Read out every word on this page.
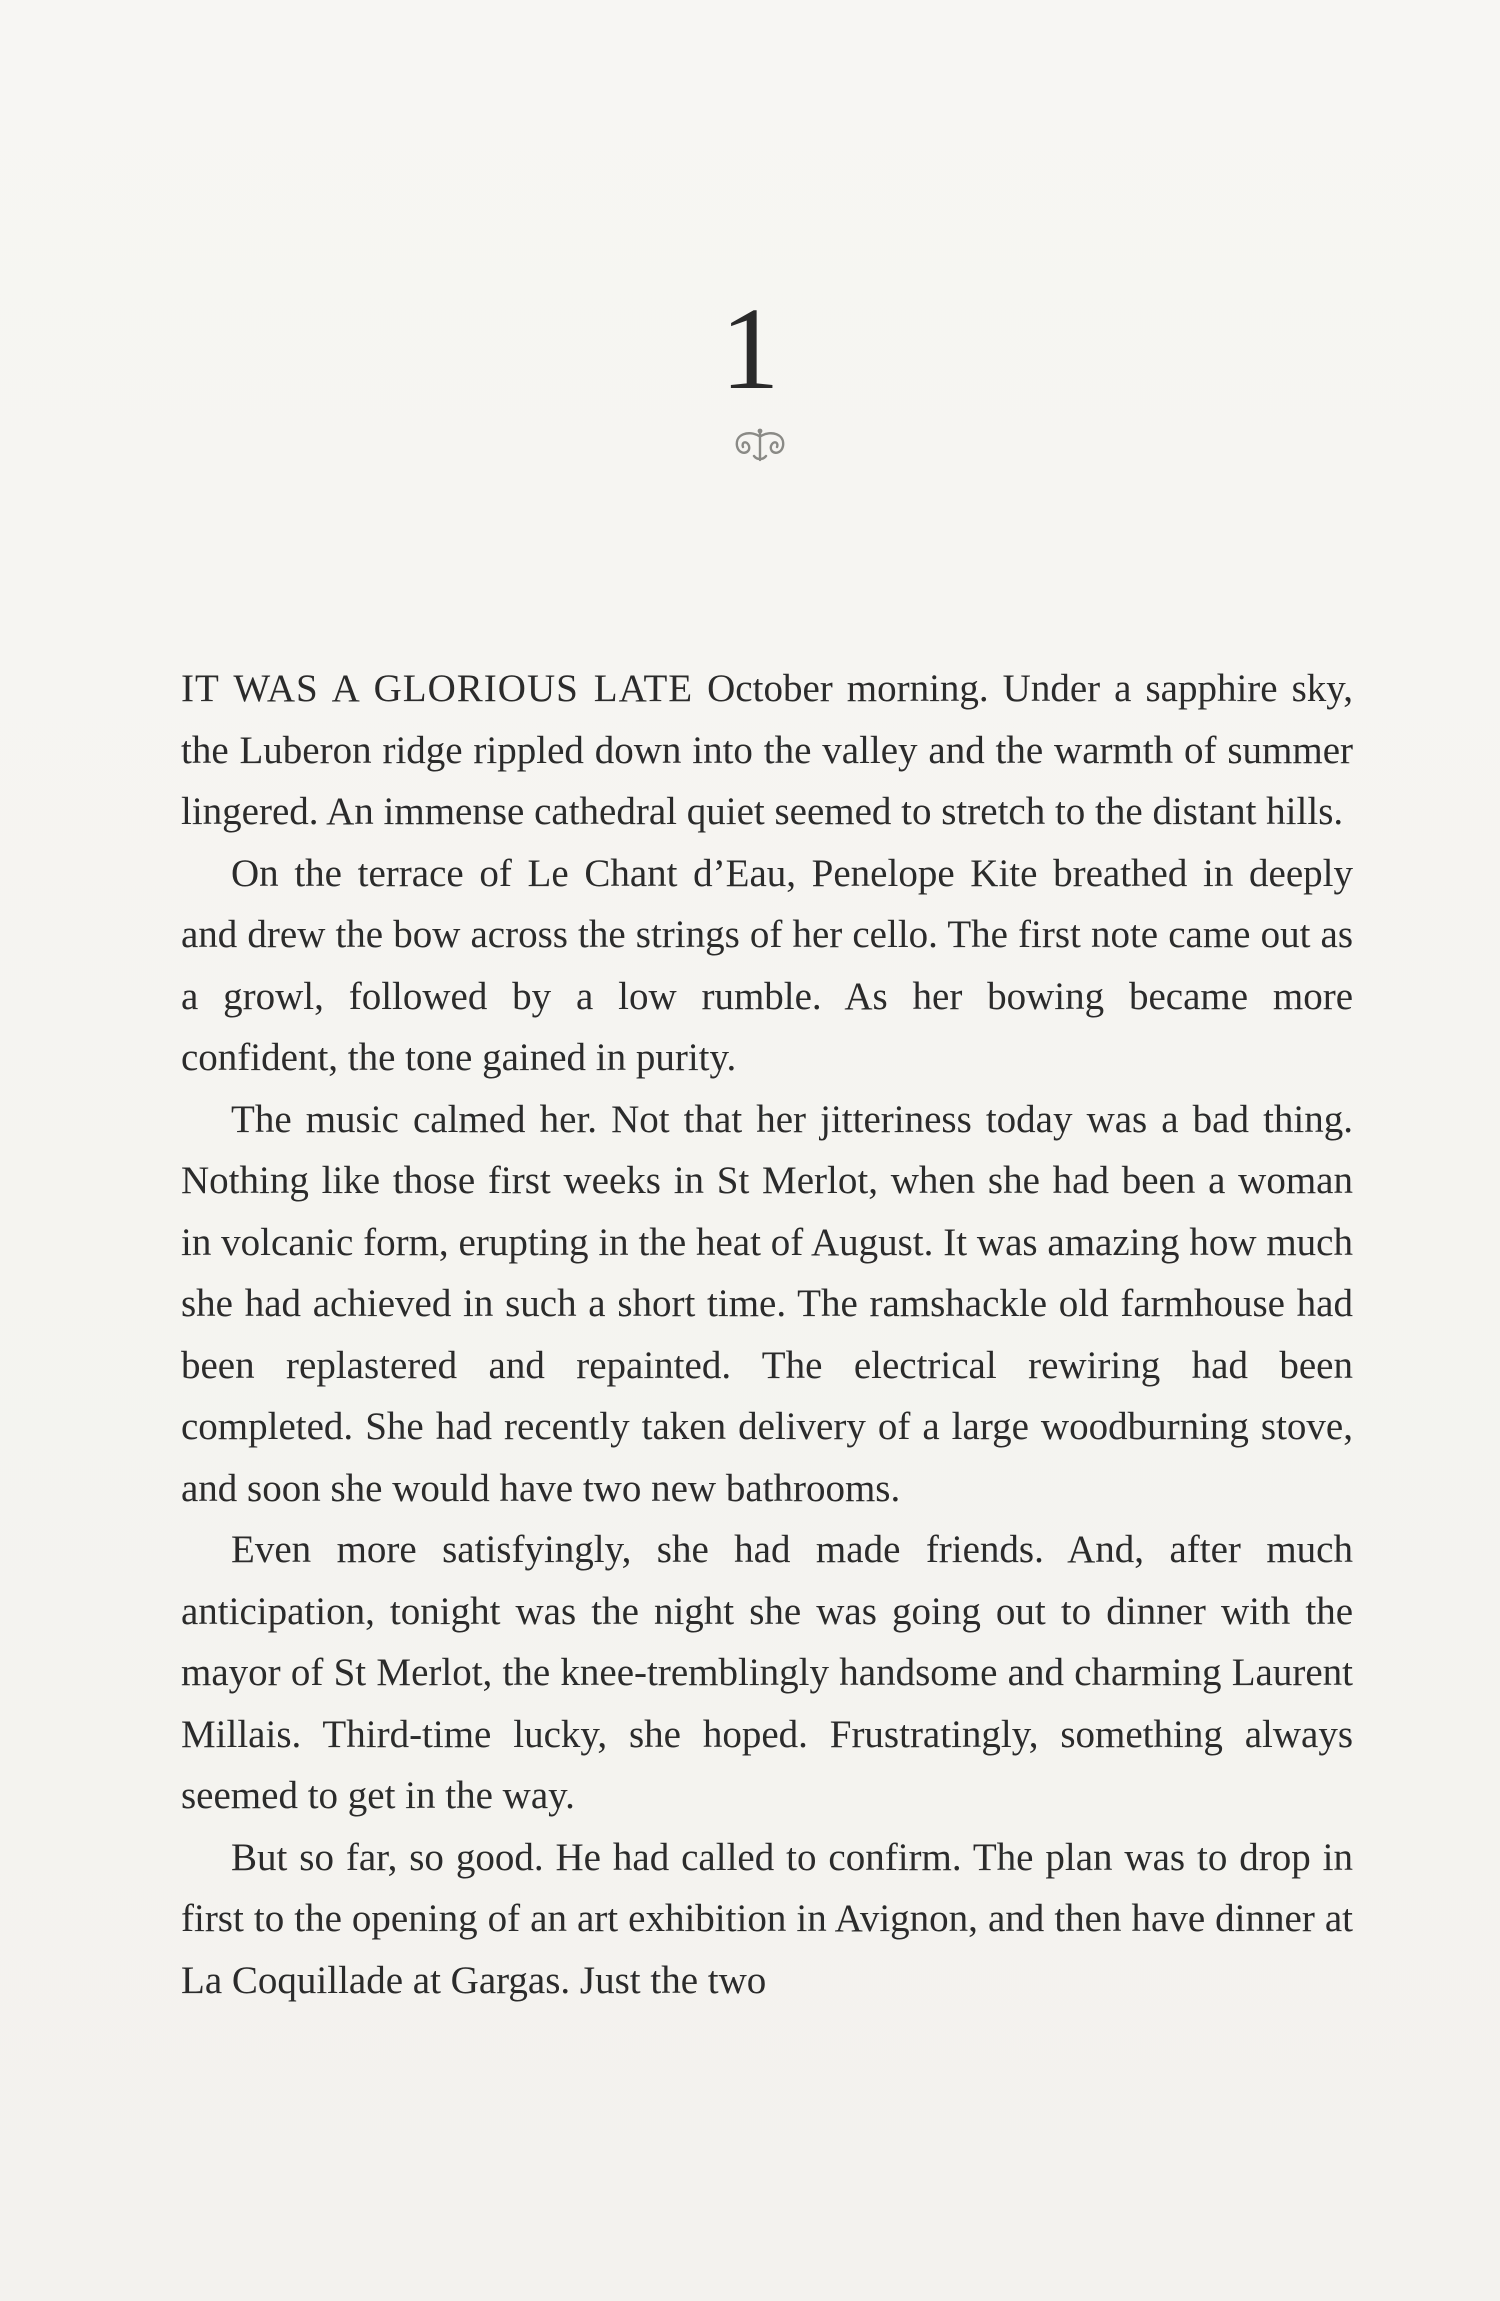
1

IT WAS A GLORIOUS LATE October morning. Under a sapphire sky, the Luberon ridge rippled down into the valley and the warmth of summer lingered. An immense cathedral quiet seemed to stretch to the distant hills.

On the terrace of Le Chant d’Eau, Penelope Kite breathed in deeply and drew the bow across the strings of her cello. The first note came out as a growl, followed by a low rumble. As her bowing became more confident, the tone gained in purity.

The music calmed her. Not that her jitteriness today was a bad thing. Nothing like those first weeks in St Merlot, when she had been a woman in volcanic form, erupting in the heat of August. It was amazing how much she had achieved in such a short time. The ramshackle old farmhouse had been replastered and repainted. The electrical rewiring had been completed. She had recently taken delivery of a large woodburning stove, and soon she would have two new bathrooms.

Even more satisfyingly, she had made friends. And, after much anticipation, tonight was the night she was going out to dinner with the mayor of St Merlot, the knee-tremblingly handsome and charming Laurent Millais. Third-time lucky, she hoped. Frustratingly, something always seemed to get in the way.

But so far, so good. He had called to confirm. The plan was to drop in first to the opening of an art exhibition in Avignon, and then have dinner at La Coquillade at Gargas. Just the two
